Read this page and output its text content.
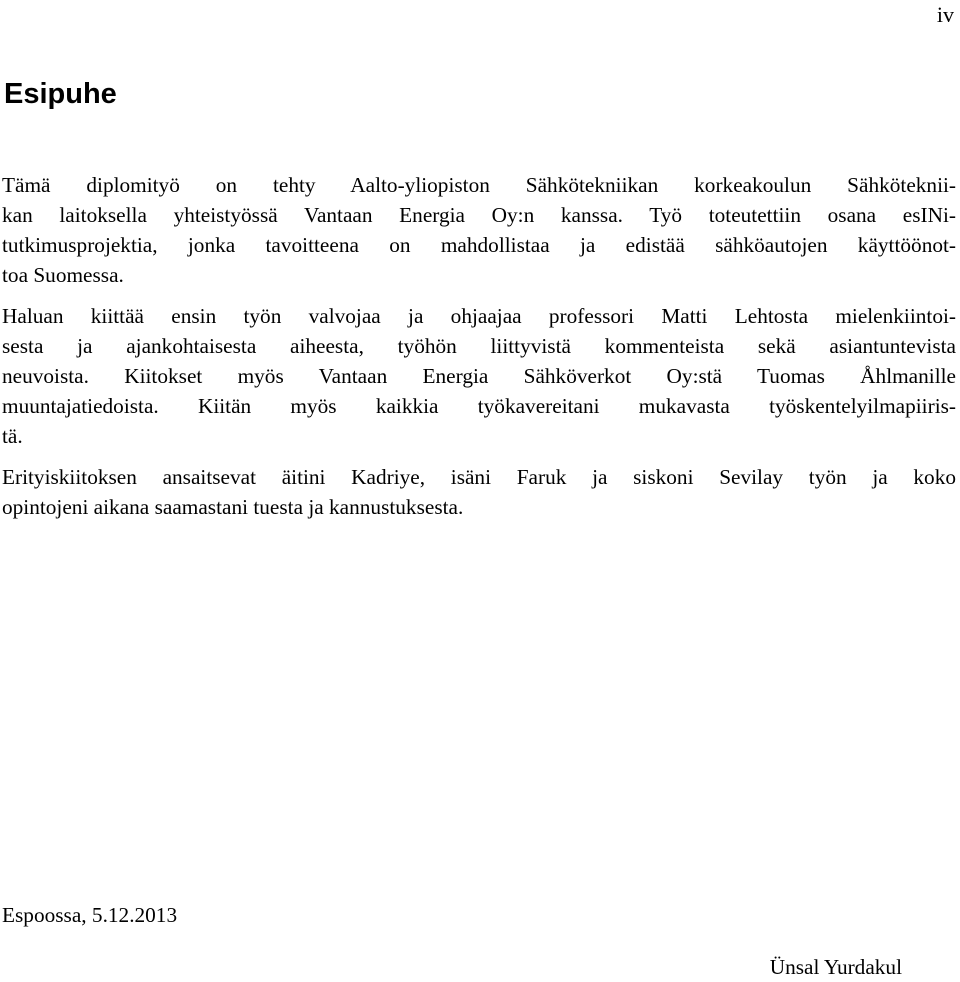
iv
Esipuhe

Tämä diplomityö on tehty Aalto-yliopiston Sähkötekniikan korkeakoulun Sähköteknii-
kan laitoksella yhteistyössä Vantaan Energia Oy:n kanssa. Työ toteutettiin osana esINi-
tutkimusprojektia, jonka tavoitteena on mahdollistaa ja edistää sähköautojen käyttöönot-
toa Suomessa.

Haluan kiittää ensin työn valvojaa ja ohjaajaa professori Matti Lehtosta mielenkiintoi-
sesta ja ajankohtaisesta aiheesta, työhön liittyvistä kommenteista sekä asiantuntevista
neuvoista. Kiitokset myös Vantaan Energia Sähköverkot Oy:stä Tuomas Åhlmanille
muuntajatiedoista. Kiitän myös kaikkia työkavereitani mukavasta työskentelyilmapiiris-
tä.

Erityiskiitoksen ansaitsevat äitini Kadriye, isäni Faruk ja siskoni Sevilay työn ja koko
opintojeni aikana saamastani tuesta ja kannustuksesta.

Espoossa, 5.12.2013

Ünsal Yurdakul
